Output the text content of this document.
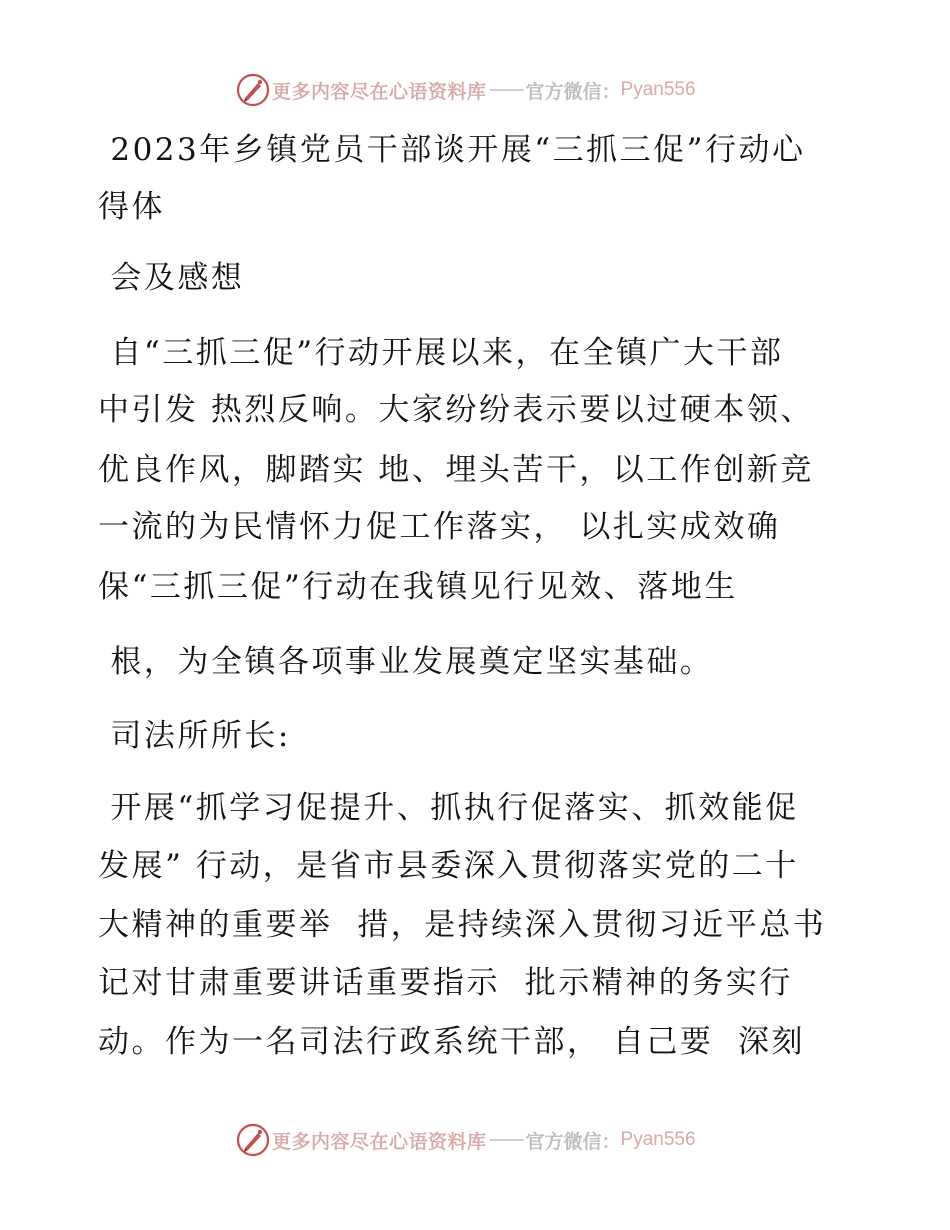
更多内容尽在心语资料库 官方微信： Pyan556
2023年乡镇党员干部谈开展“三抓三促”行动心
得体
会及感想
自“三抓三促”行动开展以来，在全镇广大干部
中引发 热烈反响。大家纷纷表示要以过硬本领、
优良作风，脚踏实 地、埋头苦干，以工作创新竞
一流的为民情怀力促工作落实， 以扎实成效确
保“三抓三促”行动在我镇见行见效、落地生
根，为全镇各项事业发展奠定坚实基础。
司法所所长:
开展“抓学习促提升、抓执行促落实、抓效能促
发展” 行动，是省市县委深入贯彻落实党的二十
大精神的重要举  措，是持续深入贯彻习近平总书
记对甘肃重要讲话重要指示  批示精神的务实行
动。作为一名司法行政系统干部， 自己要  深刻
更多内容尽在心语资料库 官方微信： Pyan556
